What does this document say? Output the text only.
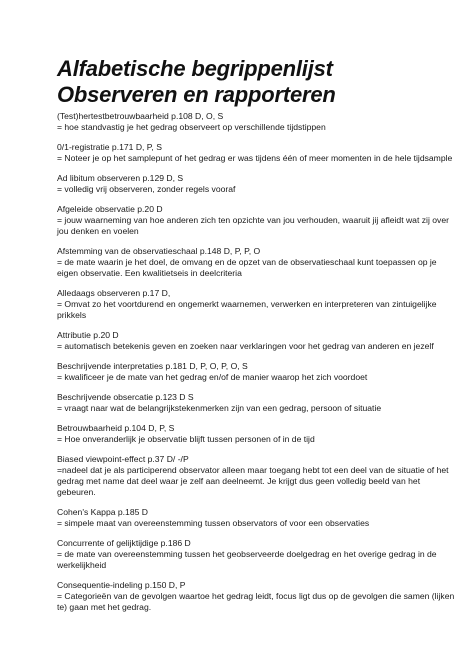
Alfabetische begrippenlijst
Observeren en rapporteren

(Test)hertestbetrouwbaarheid p.108 D, O, S

= hoe standvastig je het gedrag observeert op verschillende tijdstippen

0/1-registratie p.171 D, P, S

= Noteer je op het samplepunt of het gedrag er was tijdens één of meer momenten in de hele tijdsample

Ad libitum observeren p.129 D, S

= volledig vrij observeren, zonder regels vooraf

Afgeleide observatie p.20 D

= jouw waarneming van hoe anderen zich ten opzichte van jou verhouden, waaruit jij afleidt wat zij over jou denken en voelen

Afstemming van de observatieschaal p.148 D, P, P, O

= de mate waarin je het doel, de omvang en de opzet van de observatieschaal kunt toepassen op je eigen observatie. Een kwalitietseis in deelcriteria

Alledaags observeren p.17 D,

= Omvat zo het voortdurend en ongemerkt waarnemen, verwerken en interpreteren van zintuigelijke prikkels

Attributie p.20 D

= automatisch betekenis geven en zoeken naar verklaringen voor het gedrag van anderen en jezelf

Beschrijvende interpretaties p.181 D, P, O, P, O, S

= kwalificeer je de mate van het gedrag en/of de manier waarop het zich voordoet

Beschrijvende obsercatie p.123 D S

= vraagt naar wat de belangrijkstekenmerken zijn van een gedrag, persoon of situatie

Betrouwbaarheid p.104 D, P, S

= Hoe onveranderlijk je observatie blijft tussen personen of in de tijd

Biased viewpoint-effect p.37 D/ -/P

=nadeel dat je als participerend observator alleen maar toegang hebt tot een deel van de situatie of het gedrag met name dat deel waar je zelf aan deelneemt. Je krijgt dus geen volledig beeld van het gebeuren.

Cohen's Kappa p.185 D

= simpele maat van overeenstemming tussen observators of voor een observaties

Concurrente of gelijktijdige p.186 D

= de mate van overeenstemming tussen het geobserveerde doelgedrag en het overige gedrag in de werkelijkheid

Consequentie-indeling p.150 D, P

= Categorieën van de gevolgen waartoe het gedrag leidt, focus ligt dus op de gevolgen die samen (lijken te) gaan met het gedrag.
